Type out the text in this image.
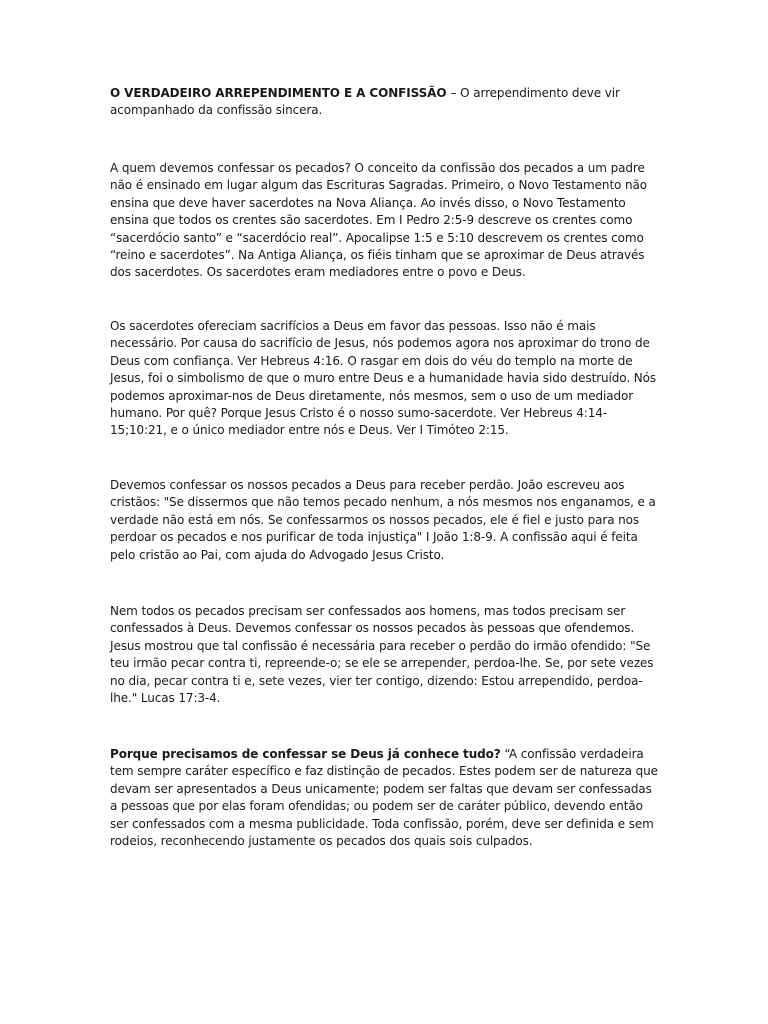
O VERDADEIRO ARREPENDIMENTO E A CONFISSÃO – O arrependimento deve vir acompanhado da confissão sincera.

A quem devemos confessar os pecados? O conceito da confissão dos pecados a um padre não é ensinado em lugar algum das Escrituras Sagradas. Primeiro, o Novo Testamento não ensina que deve haver sacerdotes na Nova Aliança. Ao invés disso, o Novo Testamento ensina que todos os crentes são sacerdotes. Em I Pedro 2:5-9 descreve os crentes como “sacerdócio santo” e “sacerdócio real”. Apocalipse 1:5 e 5:10 descrevem os crentes como “reino e sacerdotes”. Na Antiga Aliança, os fiéis tinham que se aproximar de Deus através dos sacerdotes. Os sacerdotes eram mediadores entre o povo e Deus.

Os sacerdotes ofereciam sacrifícios a Deus em favor das pessoas. Isso não é mais necessário. Por causa do sacrifício de Jesus, nós podemos agora nos aproximar do trono de Deus com confiança. Ver Hebreus 4:16. O rasgar em dois do véu do templo na morte de Jesus, foi o simbolismo de que o muro entre Deus e a humanidade havia sido destruído. Nós podemos aproximar-nos de Deus diretamente, nós mesmos, sem o uso de um mediador humano. Por quê? Porque Jesus Cristo é o nosso sumo-sacerdote. Ver Hebreus 4:14-15;10:21, e o único mediador entre nós e Deus. Ver I Timóteo 2:15.

Devemos confessar os nossos pecados a Deus para receber perdão. João escreveu aos cristãos: "Se dissermos que não temos pecado nenhum, a nós mesmos nos enganamos, e a verdade não está em nós. Se confessarmos os nossos pecados, ele é fiel e justo para nos perdoar os pecados e nos purificar de toda injustiça" I João 1:8-9. A confissão aqui é feita pelo cristão ao Pai, com ajuda do Advogado Jesus Cristo.

Nem todos os pecados precisam ser confessados aos homens, mas todos precisam ser confessados à Deus. Devemos confessar os nossos pecados às pessoas que ofendemos. Jesus mostrou que tal confissão é necessária para receber o perdão do irmão ofendido: "Se teu irmão pecar contra ti, repreende-o; se ele se arrepender, perdoa-lhe. Se, por sete vezes no dia, pecar contra ti e, sete vezes, vier ter contigo, dizendo: Estou arrependido, perdoa-lhe." Lucas 17:3-4.

Porque precisamos de confessar se Deus já conhece tudo? “A confissão verdadeira tem sempre caráter específico e faz distinção de pecados. Estes podem ser de natureza que devam ser apresentados a Deus unicamente; podem ser faltas que devam ser confessadas a pessoas que por elas foram ofendidas; ou podem ser de caráter público, devendo então ser confessados com a mesma publicidade. Toda confissão, porém, deve ser definida e sem rodeios, reconhecendo justamente os pecados dos quais sois culpados.
